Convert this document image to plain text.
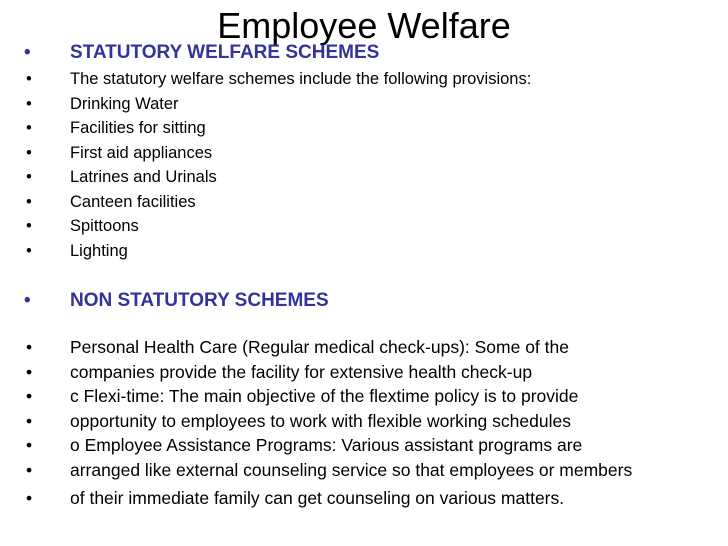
Employee Welfare
• STATUTORY WELFARE SCHEMES
• The statutory welfare schemes include the following provisions:
• Drinking Water
• Facilities for sitting
• First aid appliances
• Latrines and Urinals
• Canteen facilities
• Spittoons
• Lighting
• NON STATUTORY SCHEMES
• Personal Health Care (Regular medical check-ups): Some of the
• companies provide the facility for extensive health check-up
• c Flexi-time: The main objective of the flextime policy is to provide
• opportunity to employees to work with flexible working schedules
• o Employee Assistance Programs: Various assistant programs are
• arranged like external counseling service so that employees or members
• of their immediate family can get counseling on various matters.
